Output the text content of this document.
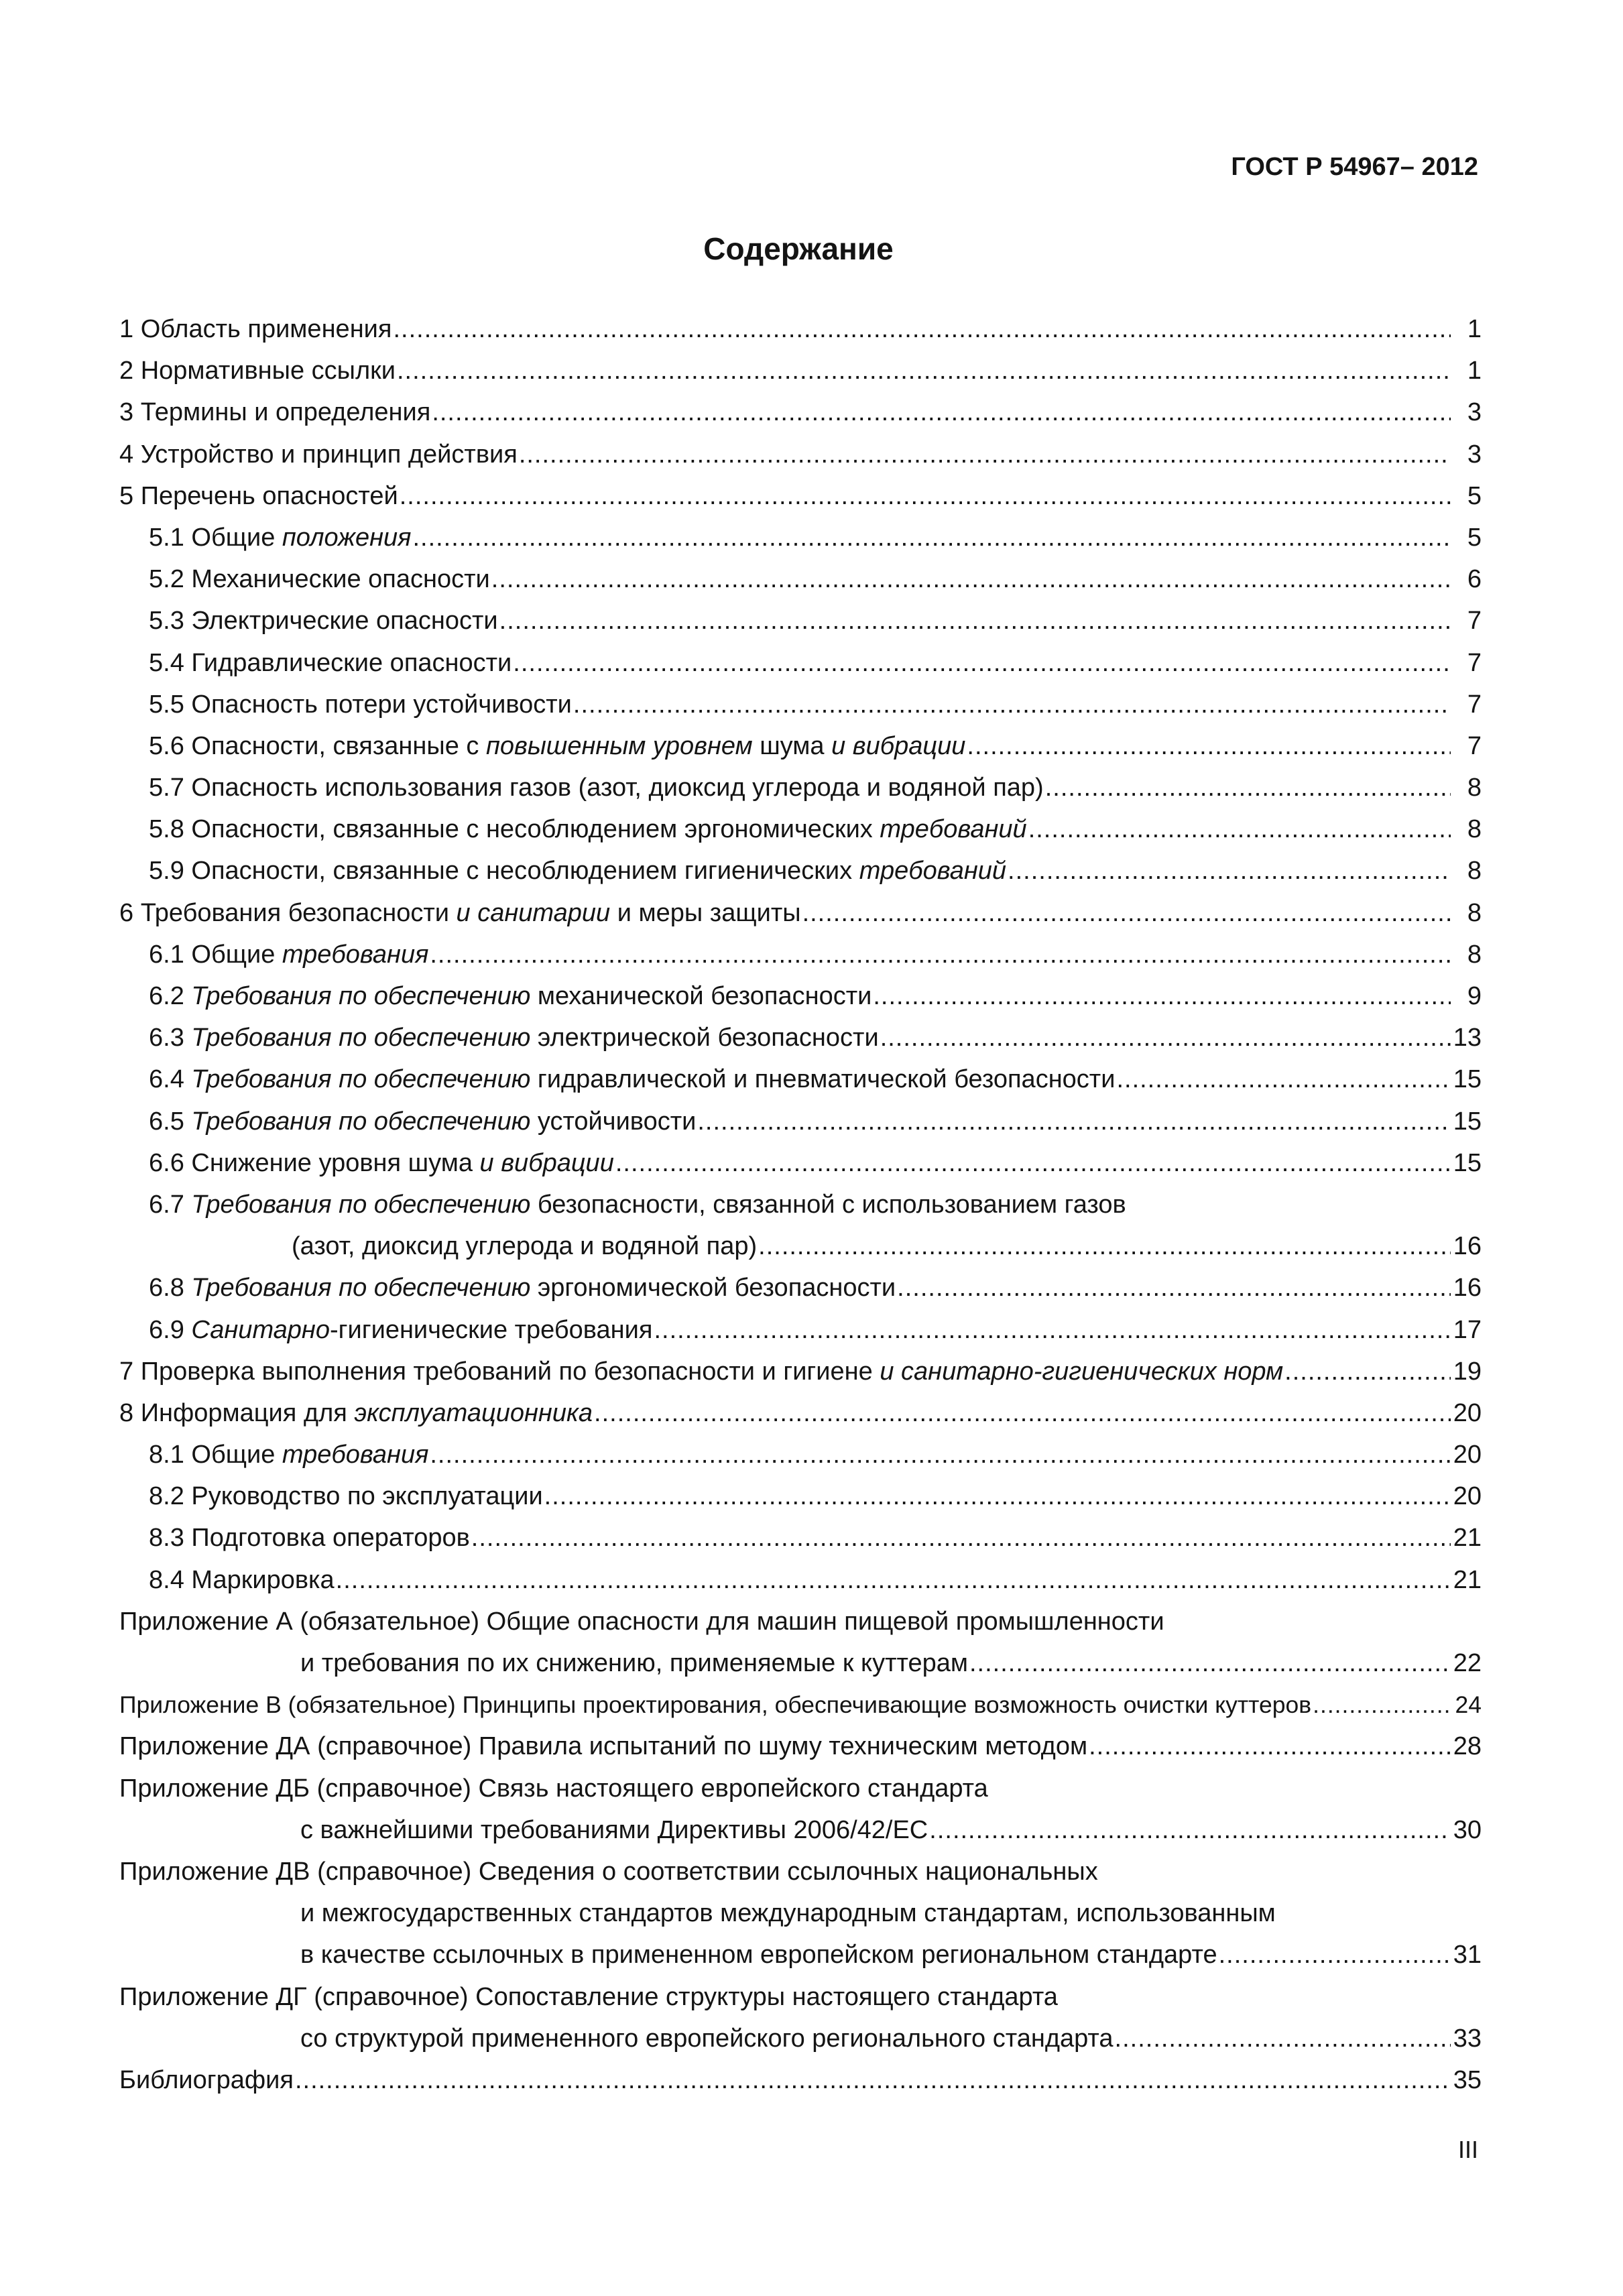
ГОСТ Р 54967– 2012
Содержание
1 Область применения .....	1
2 Нормативные ссылки .....	1
3 Термины и определения .....	3
4 Устройство и принцип действия .....	3
5 Перечень опасностей .....	5
5.1 Общие положения .....	5
5.2 Механические опасности .....	6
5.3 Электрические опасности .....	7
5.4 Гидравлические опасности .....	7
5.5 Опасность потери устойчивости .....	7
5.6 Опасности, связанные с повышенным уровнем шума и вибрации .....	7
5.7 Опасность использования газов (азот, диоксид углерода и водяной пар) .....	8
5.8 Опасности, связанные с несоблюдением эргономических требований .....	8
5.9 Опасности, связанные с несоблюдением гигиенических требований .....	8
6 Требования безопасности и санитарии и меры защиты .....	8
6.1 Общие требования .....	8
6.2 Требования по обеспечению механической безопасности .....	9
6.3 Требования по обеспечению электрической безопасности .....	13
6.4 Требования по обеспечению гидравлической и пневматической безопасности .....	15
6.5 Требования по обеспечению устойчивости .....	15
6.6 Снижение уровня шума и вибрации .....	15
6.7 Требования по обеспечению безопасности, связанной с использованием газов
(азот, диоксид углерода и водяной пар) .....	16
6.8 Требования по обеспечению эргономической безопасности .....	16
6.9 Санитарно-гигиенические требования .....	17
7 Проверка выполнения требований по безопасности и гигиене и санитарно-гигиенических норм .....	19
8 Информация для эксплуатационника .....	20
8.1 Общие требования .....	20
8.2 Руководство по эксплуатации .....	20
8.3 Подготовка операторов .....	21
8.4 Маркировка .....	21
Приложение А (обязательное) Общие опасности для машин пищевой промышленности
и требования по их снижению, применяемые к куттерам .....	22
Приложение В (обязательное) Принципы проектирования, обеспечивающие возможность очистки куттеров .....	24
Приложение ДА (справочное) Правила испытаний по шуму техническим методом .....	28
Приложение ДБ (справочное) Связь настоящего европейского стандарта
с важнейшими требованиями Директивы 2006/42/ЕС .....	30
Приложение ДВ (справочное) Сведения о соответствии ссылочных национальных
и межгосударственных стандартов международным стандартам, использованным
в качестве ссылочных в примененном европейском региональном стандарте .....	31
Приложение ДГ (справочное) Сопоставление структуры настоящего стандарта
со структурой примененного европейского регионального стандарта .....	33
Библиография .....	35
III
